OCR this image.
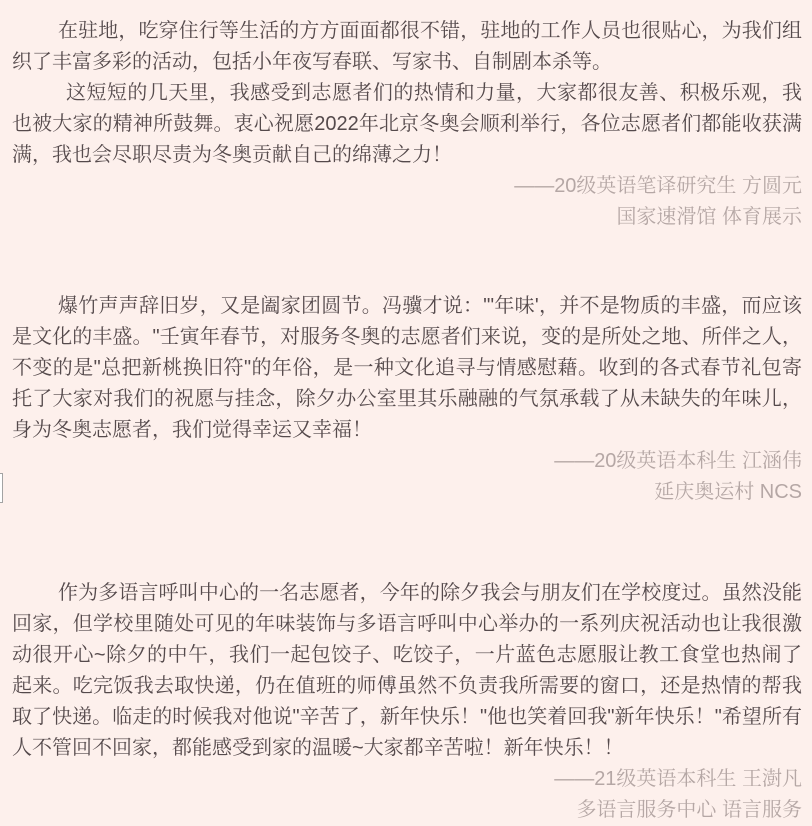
在驻地，吃穿住行等生活的方方面面都很不错，驻地的工作人员也很贴心，为我们组织了丰富多彩的活动，包括小年夜写春联、写家书、自制剧本杀等。

这短短的几天里，我感受到志愿者们的热情和力量，大家都很友善、积极乐观，我也被大家的精神所鼓舞。衷心祝愿2022年北京冬奥会顺利举行，各位志愿者们都能收获满满，我也会尽职尽责为冬奥贡献自己的绵薄之力！

——20级英语笔译研究生 方圆元
国家速滑馆 体育展示

爆竹声声辞旧岁，又是阖家团圆节。冯骥才说："'年味'，并不是物质的丰盛，而应该是文化的丰盛。"壬寅年春节，对服务冬奥的志愿者们来说，变的是所处之地、所伴之人，不变的是"总把新桃换旧符"的年俗，是一种文化追寻与情感慰藉。收到的各式春节礼包寄托了大家对我们的祝愿与挂念，除夕办公室里其乐融融的气氛承载了从未缺失的年味儿，身为冬奥志愿者，我们觉得幸运又幸福！

——20级英语本科生 江涵伟
延庆奥运村 NCS

作为多语言呼叫中心的一名志愿者，今年的除夕我会与朋友们在学校度过。虽然没能回家，但学校里随处可见的年味装饰与多语言呼叫中心举办的一系列庆祝活动也让我很激动很开心~除夕的中午，我们一起包饺子、吃饺子，一片蓝色志愿服让教工食堂也热闹了起来。吃完饭我去取快递，仍在值班的师傅虽然不负责我所需要的窗口，还是热情的帮我取了快递。临走的时候我对他说"辛苦了，新年快乐！"他也笑着回我"新年快乐！"希望所有人不管回不回家，都能感受到家的温暖~大家都辛苦啦！新年快乐！！

——21级英语本科生 王澍凡
多语言服务中心 语言服务
